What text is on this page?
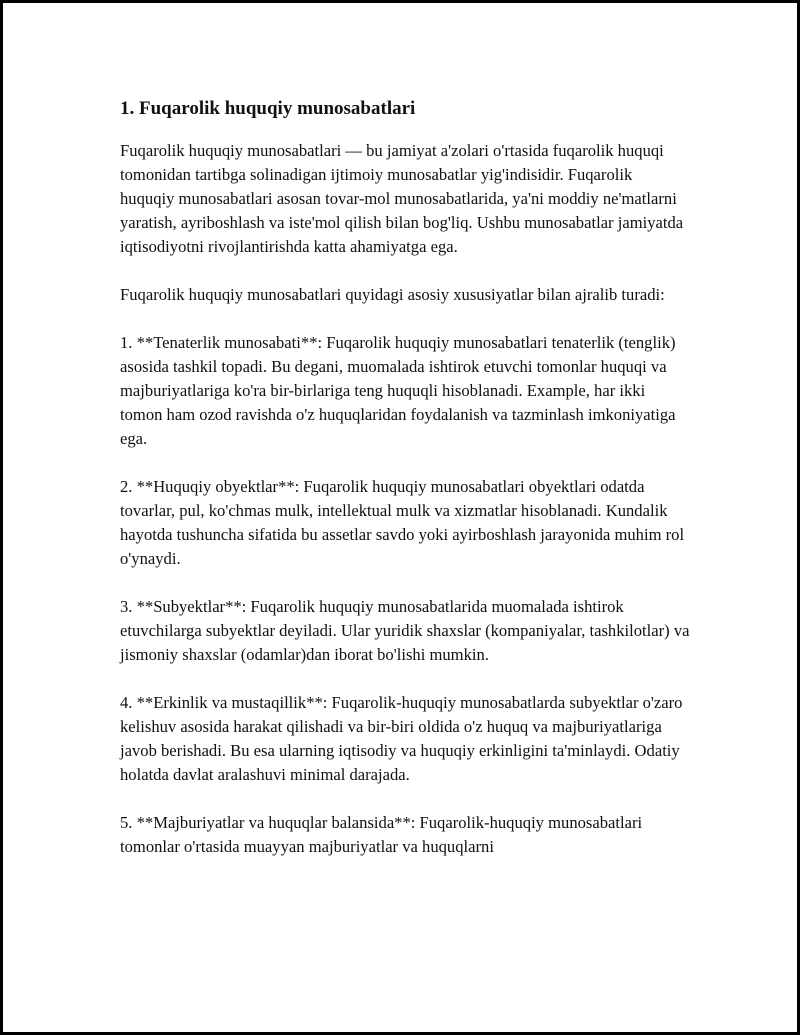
1. Fuqarolik huquqiy munosabatlari

Fuqarolik huquqiy munosabatlari — bu jamiyat a'zolari o'rtasida fuqarolik huquqi tomonidan tartibga solinadigan ijtimoiy munosabatlar yig'indisidir. Fuqarolik huquqiy munosabatlari asosan tovar-mol munosabatlarida, ya'ni moddiy ne'matlarni yaratish, ayriboshlash va iste'mol qilish bilan bog'liq. Ushbu munosabatlar jamiyatda iqtisodiyotni rivojlantirishda katta ahamiyatga ega.

Fuqarolik huquqiy munosabatlari quyidagi asosiy xususiyatlar bilan ajralib turadi:

1. **Tenaterlik munosabati**: Fuqarolik huquqiy munosabatlari tenaterlik (tenglik) asosida tashkil topadi. Bu degani, muomalada ishtirok etuvchi tomonlar huquqi va majburiyatlariga ko'ra bir-birlariga teng huquqli hisoblanadi. Example, har ikki tomon ham ozod ravishda o'z huquqlaridan foydalanish va tazminlash imkoniyatiga ega.

2. **Huquqiy obyektlar**: Fuqarolik huquqiy munosabatlari obyektlari odatda tovarlar, pul, ko'chmas mulk, intellektual mulk va xizmatlar hisoblanadi. Kundalik hayotda tushuncha sifatida bu assetlar savdo yoki ayirboshlash jarayonida muhim rol o'ynaydi.

3. **Subyektlar**: Fuqarolik huquqiy munosabatlarida muomalada ishtirok etuvchilarga subyektlar deyiladi. Ular yuridik shaxslar (kompaniyalar, tashkilotlar) va jismoniy shaxslar (odamlar)dan iborat bo'lishi mumkin.

4. **Erkinlik va mustaqillik**: Fuqarolik-huquqiy munosabatlarda subyektlar o'zaro kelishuv asosida harakat qilishadi va bir-biri oldida o'z huquq va majburiyatlariga javob berishadi. Bu esa ularning iqtisodiy va huquqiy erkinligini ta'minlaydi. Odatiy holatda davlat aralashuvi minimal darajada.

5. **Majburiyatlar va huquqlar balansida**: Fuqarolik-huquqiy munosabatlari tomonlar o'rtasida muayyan majburiyatlar va huquqlarni
